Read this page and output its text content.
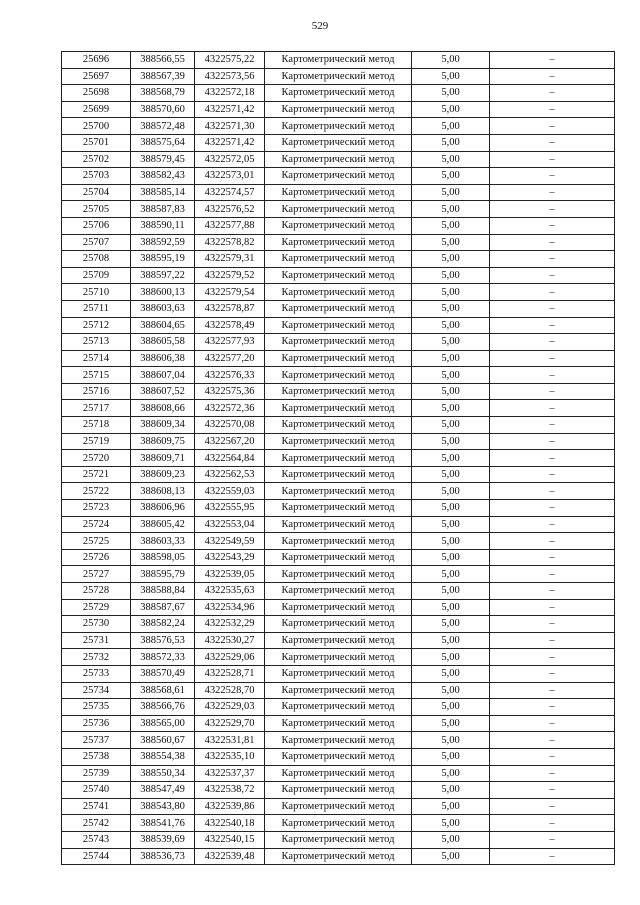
529
25696	388566,55	4322575,22	Картометрический метод	5,00	–
25697	388567,39	4322573,56	Картометрический метод	5,00	–
25698	388568,79	4322572,18	Картометрический метод	5,00	–
25699	388570,60	4322571,42	Картометрический метод	5,00	–
25700	388572,48	4322571,30	Картометрический метод	5,00	–
25701	388575,64	4322571,42	Картометрический метод	5,00	–
25702	388579,45	4322572,05	Картометрический метод	5,00	–
25703	388582,43	4322573,01	Картометрический метод	5,00	–
25704	388585,14	4322574,57	Картометрический метод	5,00	–
25705	388587,83	4322576,52	Картометрический метод	5,00	–
25706	388590,11	4322577,88	Картометрический метод	5,00	–
25707	388592,59	4322578,82	Картометрический метод	5,00	–
25708	388595,19	4322579,31	Картометрический метод	5,00	–
25709	388597,22	4322579,52	Картометрический метод	5,00	–
25710	388600,13	4322579,54	Картометрический метод	5,00	–
25711	388603,63	4322578,87	Картометрический метод	5,00	–
25712	388604,65	4322578,49	Картометрический метод	5,00	–
25713	388605,58	4322577,93	Картометрический метод	5,00	–
25714	388606,38	4322577,20	Картометрический метод	5,00	–
25715	388607,04	4322576,33	Картометрический метод	5,00	–
25716	388607,52	4322575,36	Картометрический метод	5,00	–
25717	388608,66	4322572,36	Картометрический метод	5,00	–
25718	388609,34	4322570,08	Картометрический метод	5,00	–
25719	388609,75	4322567,20	Картометрический метод	5,00	–
25720	388609,71	4322564,84	Картометрический метод	5,00	–
25721	388609,23	4322562,53	Картометрический метод	5,00	–
25722	388608,13	4322559,03	Картометрический метод	5,00	–
25723	388606,96	4322555,95	Картометрический метод	5,00	–
25724	388605,42	4322553,04	Картометрический метод	5,00	–
25725	388603,33	4322549,59	Картометрический метод	5,00	–
25726	388598,05	4322543,29	Картометрический метод	5,00	–
25727	388595,79	4322539,05	Картометрический метод	5,00	–
25728	388588,84	4322535,63	Картометрический метод	5,00	–
25729	388587,67	4322534,96	Картометрический метод	5,00	–
25730	388582,24	4322532,29	Картометрический метод	5,00	–
25731	388576,53	4322530,27	Картометрический метод	5,00	–
25732	388572,33	4322529,06	Картометрический метод	5,00	–
25733	388570,49	4322528,71	Картометрический метод	5,00	–
25734	388568,61	4322528,70	Картометрический метод	5,00	–
25735	388566,76	4322529,03	Картометрический метод	5,00	–
25736	388565,00	4322529,70	Картометрический метод	5,00	–
25737	388560,67	4322531,81	Картометрический метод	5,00	–
25738	388554,38	4322535,10	Картометрический метод	5,00	–
25739	388550,34	4322537,37	Картометрический метод	5,00	–
25740	388547,49	4322538,72	Картометрический метод	5,00	–
25741	388543,80	4322539,86	Картометрический метод	5,00	–
25742	388541,76	4322540,18	Картометрический метод	5,00	–
25743	388539,69	4322540,15	Картометрический метод	5,00	–
25744	388536,73	4322539,48	Картометрический метод	5,00	–
